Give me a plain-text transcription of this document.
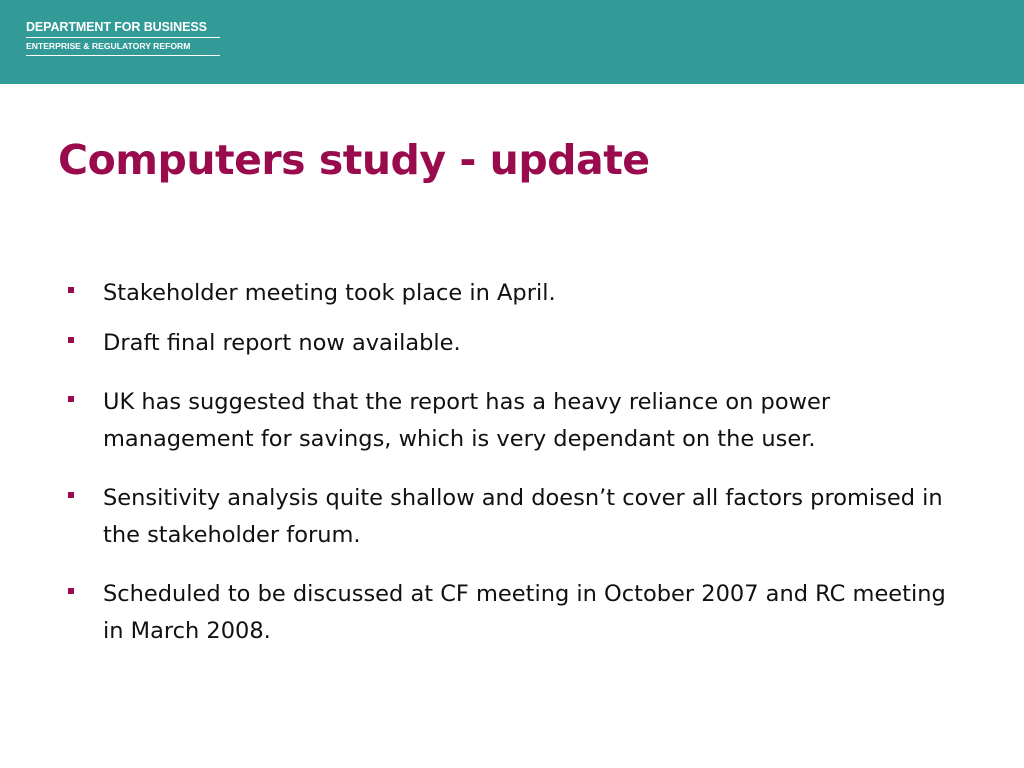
DEPARTMENT FOR BUSINESS
ENTERPRISE & REGULATORY REFORM
Computers study - update
Stakeholder meeting took place in April.
Draft final report now available.
UK has suggested that the report has a heavy reliance on power management for savings, which is very dependant on the user.
Sensitivity analysis quite shallow and doesn’t cover all factors promised in the stakeholder forum.
Scheduled to be discussed at CF meeting in October 2007 and RC meeting in March 2008.
